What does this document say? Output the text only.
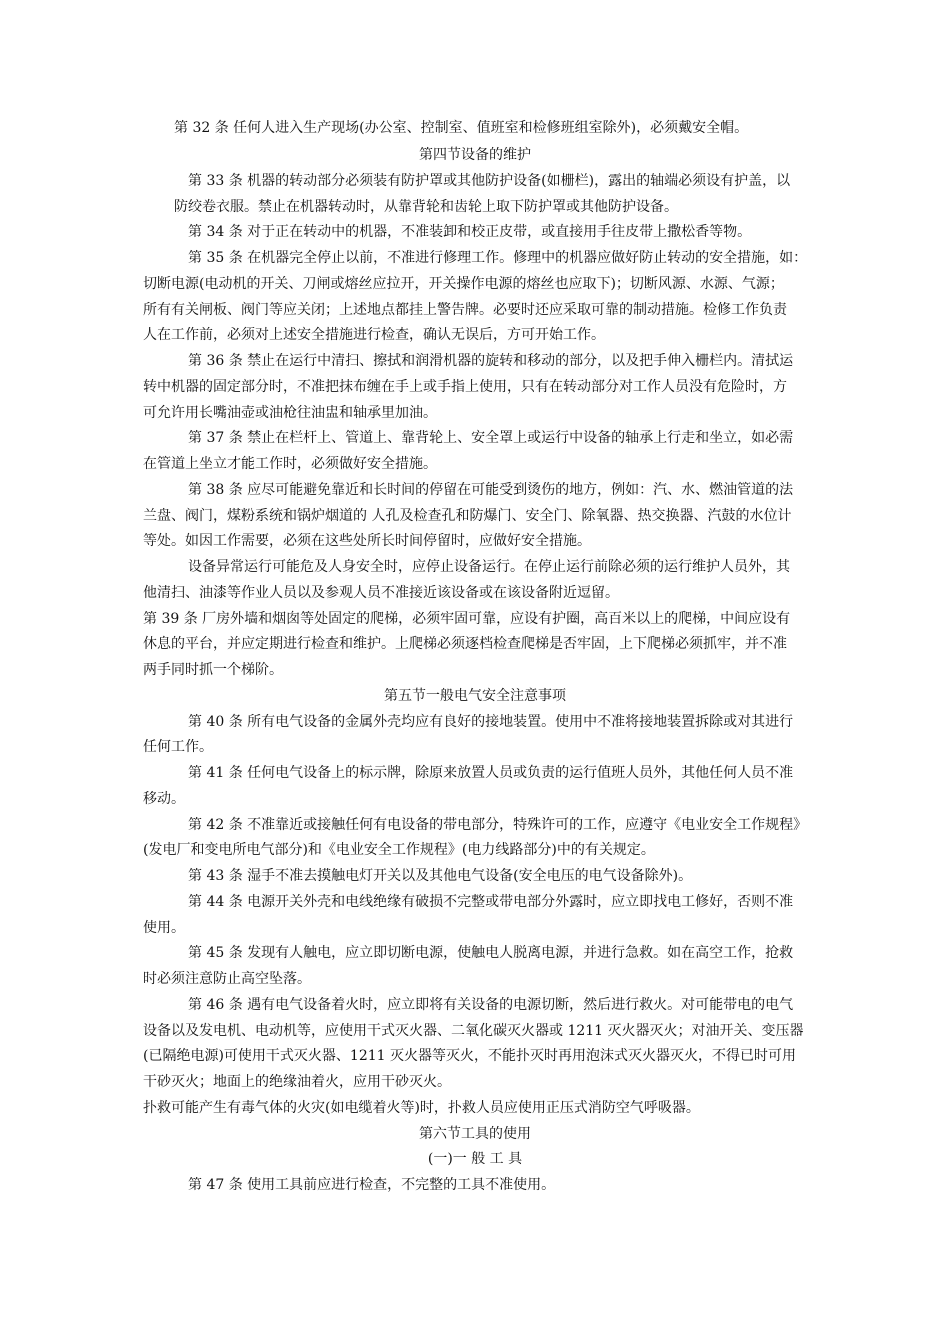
第 32 条 任何人进入生产现场(办公室、控制室、值班室和检修班组室除外)，必须戴安全帽。

第四节设备的维护

第 33 条 机器的转动部分必须装有防护罩或其他防护设备(如栅栏)，露出的轴端必须设有护盖，以

防绞卷衣服。禁止在机器转动时，从靠背轮和齿轮上取下防护罩或其他防护设备。

第 34 条 对于正在转动中的机器，不准装卸和校正皮带，或直接用手往皮带上撒松香等物。

第 35 条 在机器完全停止以前，不准进行修理工作。修理中的机器应做好防止转动的安全措施，如：

切断电源(电动机的开关、刀闸或熔丝应拉开，开关操作电源的熔丝也应取下)；切断风源、水源、气源；

所有有关闸板、阀门等应关闭；上述地点都挂上警告牌。必要时还应采取可靠的制动措施。检修工作负责

人在工作前，必须对上述安全措施进行检查，确认无误后，方可开始工作。

第 36 条 禁止在运行中清扫、擦拭和润滑机器的旋转和移动的部分，以及把手伸入栅栏内。清拭运

转中机器的固定部分时，不准把抹布缠在手上或手指上使用，只有在转动部分对工作人员没有危险时，方

可允许用长嘴油壶或油枪往油盅和轴承里加油。

第 37 条 禁止在栏杆上、管道上、靠背轮上、安全罩上或运行中设备的轴承上行走和坐立，如必需

在管道上坐立才能工作时，必须做好安全措施。

第 38 条 应尽可能避免靠近和长时间的停留在可能受到烫伤的地方，例如：汽、水、燃油管道的法

兰盘、阀门，煤粉系统和锅炉烟道的 人孔及检查孔和防爆门、安全门、除氧器、热交换器、汽鼓的水位计

等处。如因工作需要，必须在这些处所长时间停留时，应做好安全措施。

设备异常运行可能危及人身安全时，应停止设备运行。在停止运行前除必须的运行维护人员外，其

他清扫、油漆等作业人员以及参观人员不准接近该设备或在该设备附近逗留。

第 39 条 厂房外墙和烟囱等处固定的爬梯，必须牢固可靠，应设有护圈，高百米以上的爬梯，中间应设有

休息的平台，并应定期进行检查和维护。上爬梯必须逐档检查爬梯是否牢固，上下爬梯必须抓牢，并不准

两手同时抓一个梯阶。

第五节一般电气安全注意事项

第 40 条 所有电气设备的金属外壳均应有良好的接地装置。使用中不准将接地装置拆除或对其进行

任何工作。

第 41 条 任何电气设备上的标示牌，除原来放置人员或负责的运行值班人员外，其他任何人员不准

移动。

第 42 条 不准靠近或接触任何有电设备的带电部分，特殊许可的工作，应遵守《电业安全工作规程》

(发电厂和变电所电气部分)和《电业安全工作规程》(电力线路部分)中的有关规定。

第 43 条 湿手不准去摸触电灯开关以及其他电气设备(安全电压的电气设备除外)。

第 44 条 电源开关外壳和电线绝缘有破损不完整或带电部分外露时，应立即找电工修好，否则不准

使用。

第 45 条 发现有人触电，应立即切断电源，使触电人脱离电源，并进行急救。如在高空工作，抢救

时必须注意防止高空坠落。

第 46 条 遇有电气设备着火时，应立即将有关设备的电源切断，然后进行救火。对可能带电的电气

设备以及发电机、电动机等，应使用干式灭火器、二氧化碳灭火器或 1211 灭火器灭火；对油开关、变压器

(已隔绝电源)可使用干式灭火器、1211 灭火器等灭火，不能扑灭时再用泡沫式灭火器灭火，不得已时可用

干砂灭火；地面上的绝缘油着火，应用干砂灭火。

扑救可能产生有毒气体的火灾(如电缆着火等)时，扑救人员应使用正压式消防空气呼吸器。

第六节工具的使用

(一)一 般 工 具

第 47 条 使用工具前应进行检查，不完整的工具不准使用。
